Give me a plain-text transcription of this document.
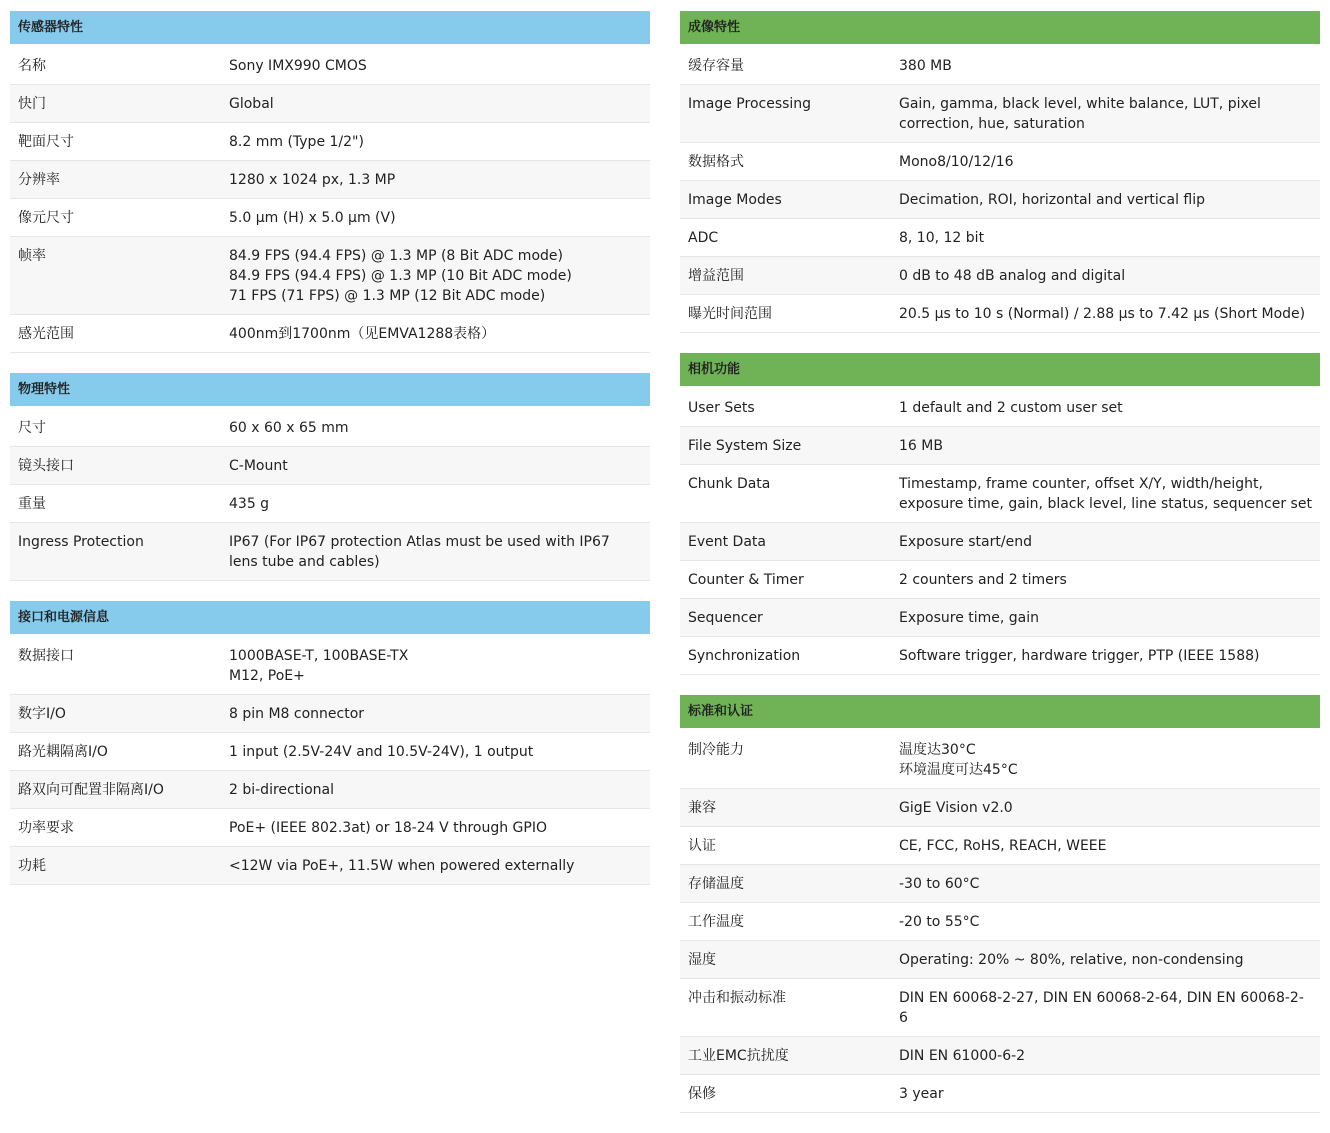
传感器特性
名称	Sony IMX990 CMOS
快门	Global
靶面尺寸	8.2 mm (Type 1/2")
分辨率	1280 x 1024 px, 1.3 MP
像元尺寸	5.0 µm (H) x 5.0 µm (V)
帧率	84.9 FPS (94.4 FPS) @ 1.3 MP (8 Bit ADC mode)
84.9 FPS (94.4 FPS) @ 1.3 MP (10 Bit ADC mode)
71 FPS (71 FPS) @ 1.3 MP (12 Bit ADC mode)
感光范围	400nm到1700nm（见EMVA1288表格）
物理特性
尺寸	60 x 60 x 65 mm
镜头接口	C-Mount
重量	435 g
Ingress Protection	IP67 (For IP67 protection Atlas must be used with IP67 lens tube and cables)
接口和电源信息
数据接口	1000BASE-T, 100BASE-TX
M12, PoE+
数字I/O	8 pin M8 connector
路光耦隔离I/O	1 input (2.5V-24V and 10.5V-24V), 1 output
路双向可配置非隔离I/O	2 bi-directional
功率要求	PoE+ (IEEE 802.3at) or 18-24 V through GPIO
功耗	<12W via PoE+, 11.5W when powered externally
成像特性
缓存容量	380 MB
Image Processing	Gain, gamma, black level, white balance, LUT, pixel correction, hue, saturation
数据格式	Mono8/10/12/16
Image Modes	Decimation, ROI, horizontal and vertical flip
ADC	8, 10, 12 bit
增益范围	0 dB to 48 dB analog and digital
曝光时间范围	20.5 µs to 10 s (Normal) / 2.88 µs to 7.42 µs (Short Mode)
相机功能
User Sets	1 default and 2 custom user set
File System Size	16 MB
Chunk Data	Timestamp, frame counter, offset X/Y, width/height, exposure time, gain, black level, line status, sequencer set
Event Data	Exposure start/end
Counter & Timer	2 counters and 2 timers
Sequencer	Exposure time, gain
Synchronization	Software trigger, hardware trigger, PTP (IEEE 1588)
标准和认证
制冷能力	温度达30°C
环境温度可达45°C
兼容	GigE Vision v2.0
认证	CE, FCC, RoHS, REACH, WEEE
存储温度	-30 to 60°C
工作温度	-20 to 55°C
湿度	Operating: 20% ~ 80%, relative, non-condensing
冲击和振动标准	DIN EN 60068-2-27, DIN EN 60068-2-64, DIN EN 60068-2-6
工业EMC抗扰度	DIN EN 61000-6-2
保修	3 year
